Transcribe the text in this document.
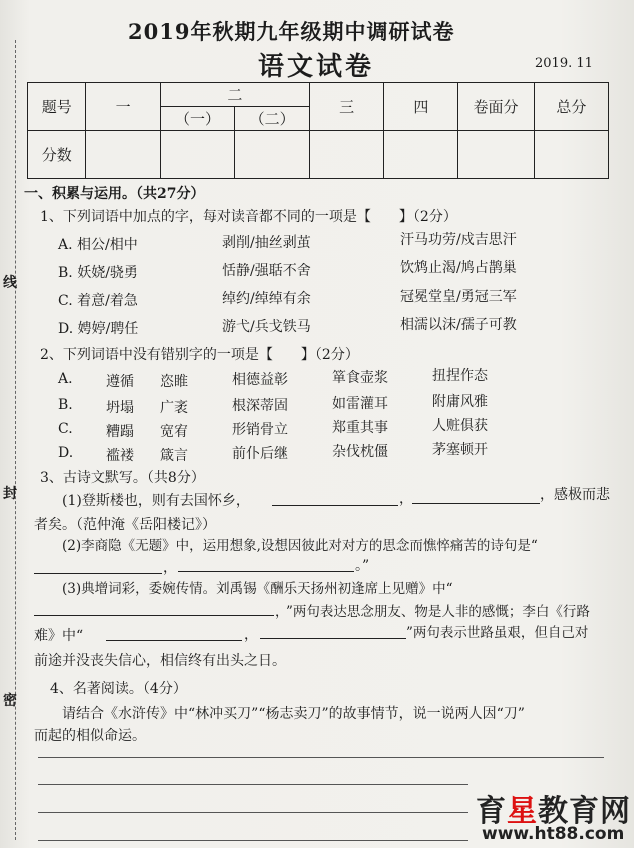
线
封
密
2019年秋期九年级期中调研试卷
语文试卷	2019. 11
题号	一	二		三	四	卷面分	总分
		（一）	（二）				
分数							
一、积累与运用。（共27分）
1、下列词语中加点的字，每对读音都不同的一项是【　　】（2分）
A. 相公/相中	剥削/抽丝剥茧	汗马功劳/戍吉思汗
B. 妖娆/骁勇	恬静/强聒不舍	饮鸩止渴/鸠占鹊巢
C. 着意/着急	绰约/绰绰有余	冠冕堂皇/勇冠三军
D. 娉婷/聘任	游弋/兵戈铁马	相濡以沫/孺子可教
2、下列词语中没有错别字的一项是【　　】（2分）
A. 遵循 恣睢	相德益彰	箪食壶浆	扭捏作态
B. 坍塌 广袤	根深蒂固	如雷灌耳	附庸风雅
C. 糟蹋 宽宥	形销骨立	郑重其事	人赃俱获
D. 褴褛 箴言	前仆后继	杂伐枕僵	茅塞顿开
3、古诗文默写。（共8分）
(1)登斯楼也，则有去国怀乡，	，	，感极而悲
者矣。（范仲淹《岳阳楼记》）
(2)李商隐《无题》中，运用想象,设想因彼此对对方的思念而憔悴痛苦的诗句是“
，	。”
(3)典增词彩，委婉传情。刘禹锡《酬乐天扬州初逢席上见赠》中“
，
”两句表达思念朋友、物是人非的感慨；李白《行路
难》中“	，	”两句表示世路虽艰，但自己对
前途并没丧失信心，相信终有出头之日。
4、名著阅读。（4分）
请结合《水浒传》中“林冲买刀”“杨志卖刀”的故事情节，说一说两人因“刀”
而起的相似命运。
育星教育网
www.ht88.com
